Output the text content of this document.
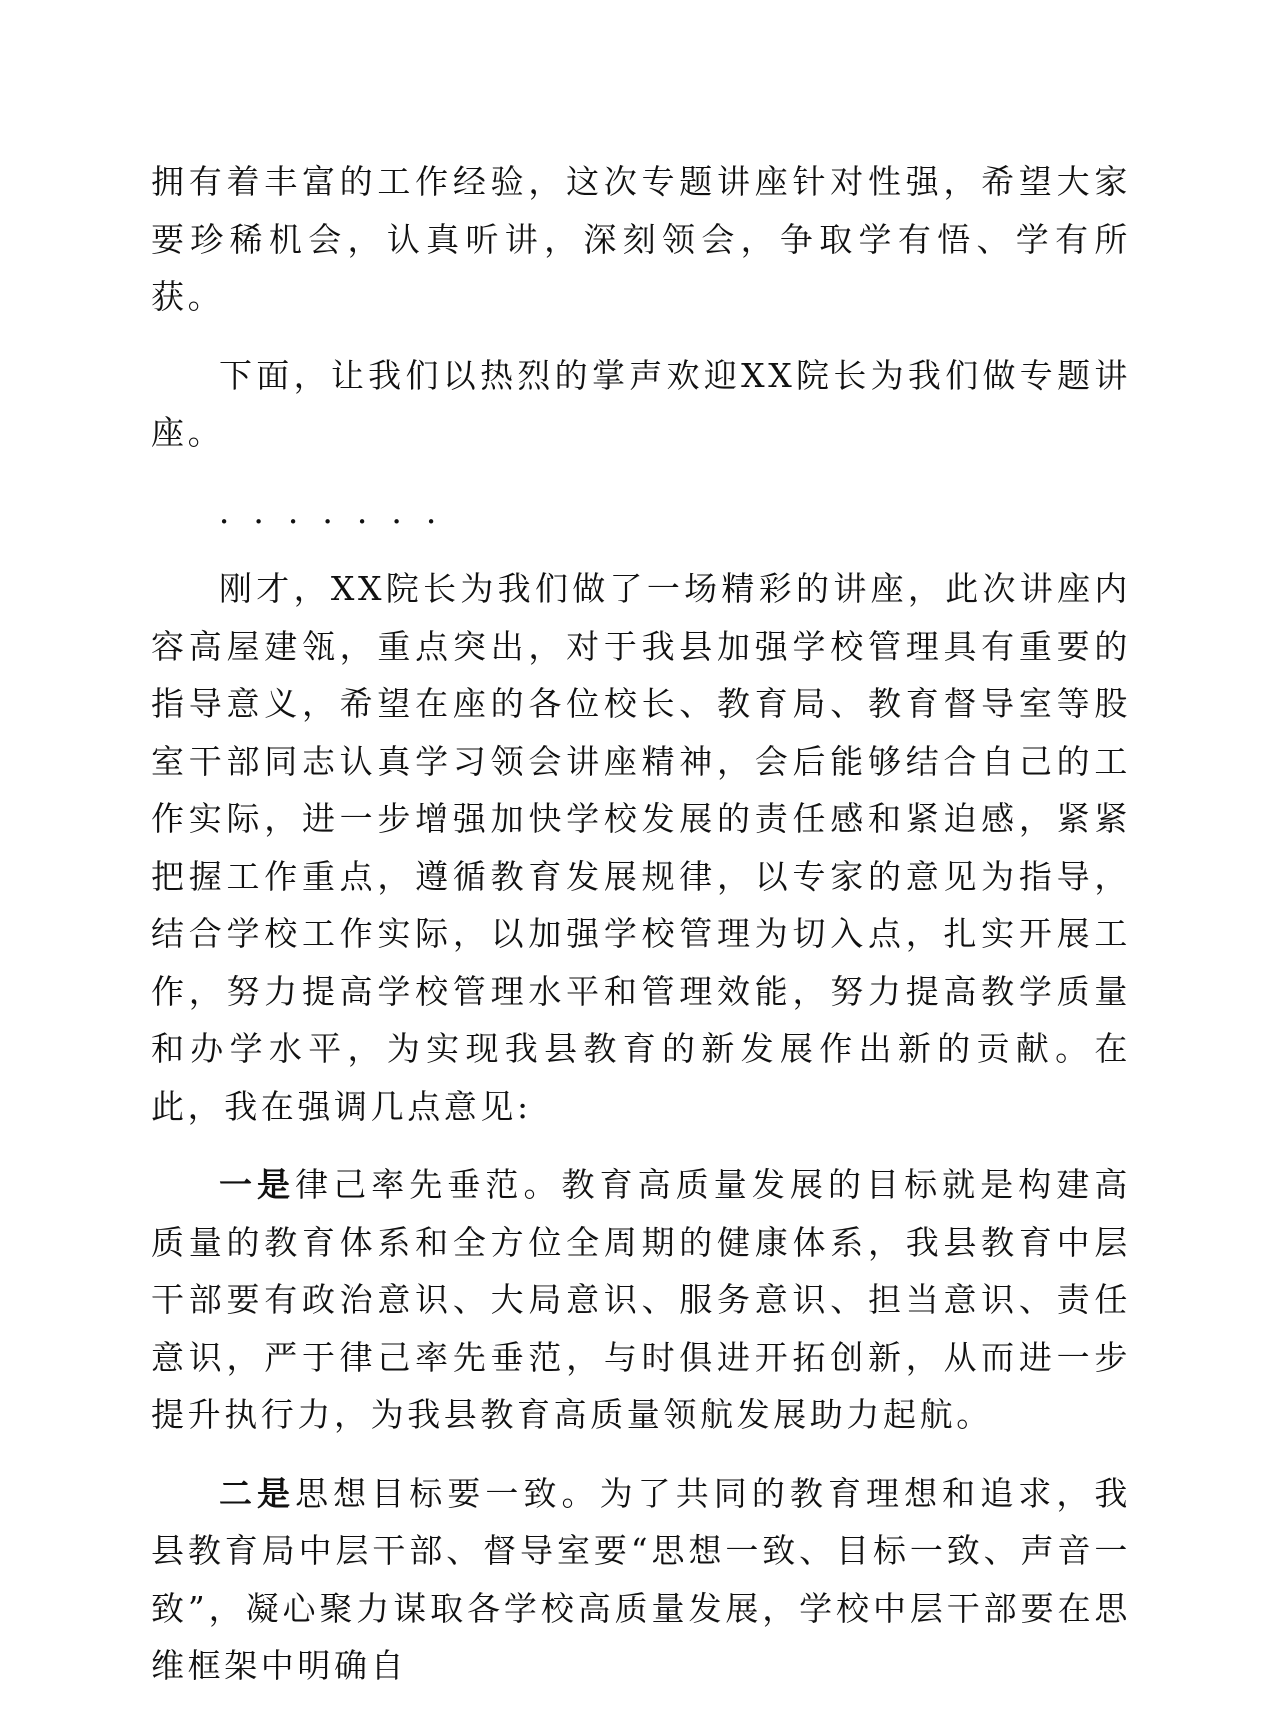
拥有着丰富的工作经验，这次专题讲座针对性强，希望大家要珍稀机会，认真听讲，深刻领会，争取学有悟、学有所获。

下面，让我们以热烈的掌声欢迎XX院长为我们做专题讲座。

．．．．．．．

刚才，XX院长为我们做了一场精彩的讲座，此次讲座内容高屋建瓴，重点突出，对于我县加强学校管理具有重要的指导意义，希望在座的各位校长、教育局、教育督导室等股室干部同志认真学习领会讲座精神，会后能够结合自己的工作实际，进一步增强加快学校发展的责任感和紧迫感，紧紧把握工作重点，遵循教育发展规律，以专家的意见为指导，结合学校工作实际，以加强学校管理为切入点，扎实开展工作，努力提高学校管理水平和管理效能，努力提高教学质量和办学水平，为实现我县教育的新发展作出新的贡献。在此，我在强调几点意见:

一是律己率先垂范。教育高质量发展的目标就是构建高质量的教育体系和全方位全周期的健康体系，我县教育中层干部要有政治意识、大局意识、服务意识、担当意识、责任意识，严于律己率先垂范，与时俱进开拓创新，从而进一步提升执行力，为我县教育高质量领航发展助力起航。

二是思想目标要一致。为了共同的教育理想和追求，我县教育局中层干部、督导室要“思想一致、目标一致、声音一致”，凝心聚力谋取各学校高质量发展，学校中层干部要在思维框架中明确自
